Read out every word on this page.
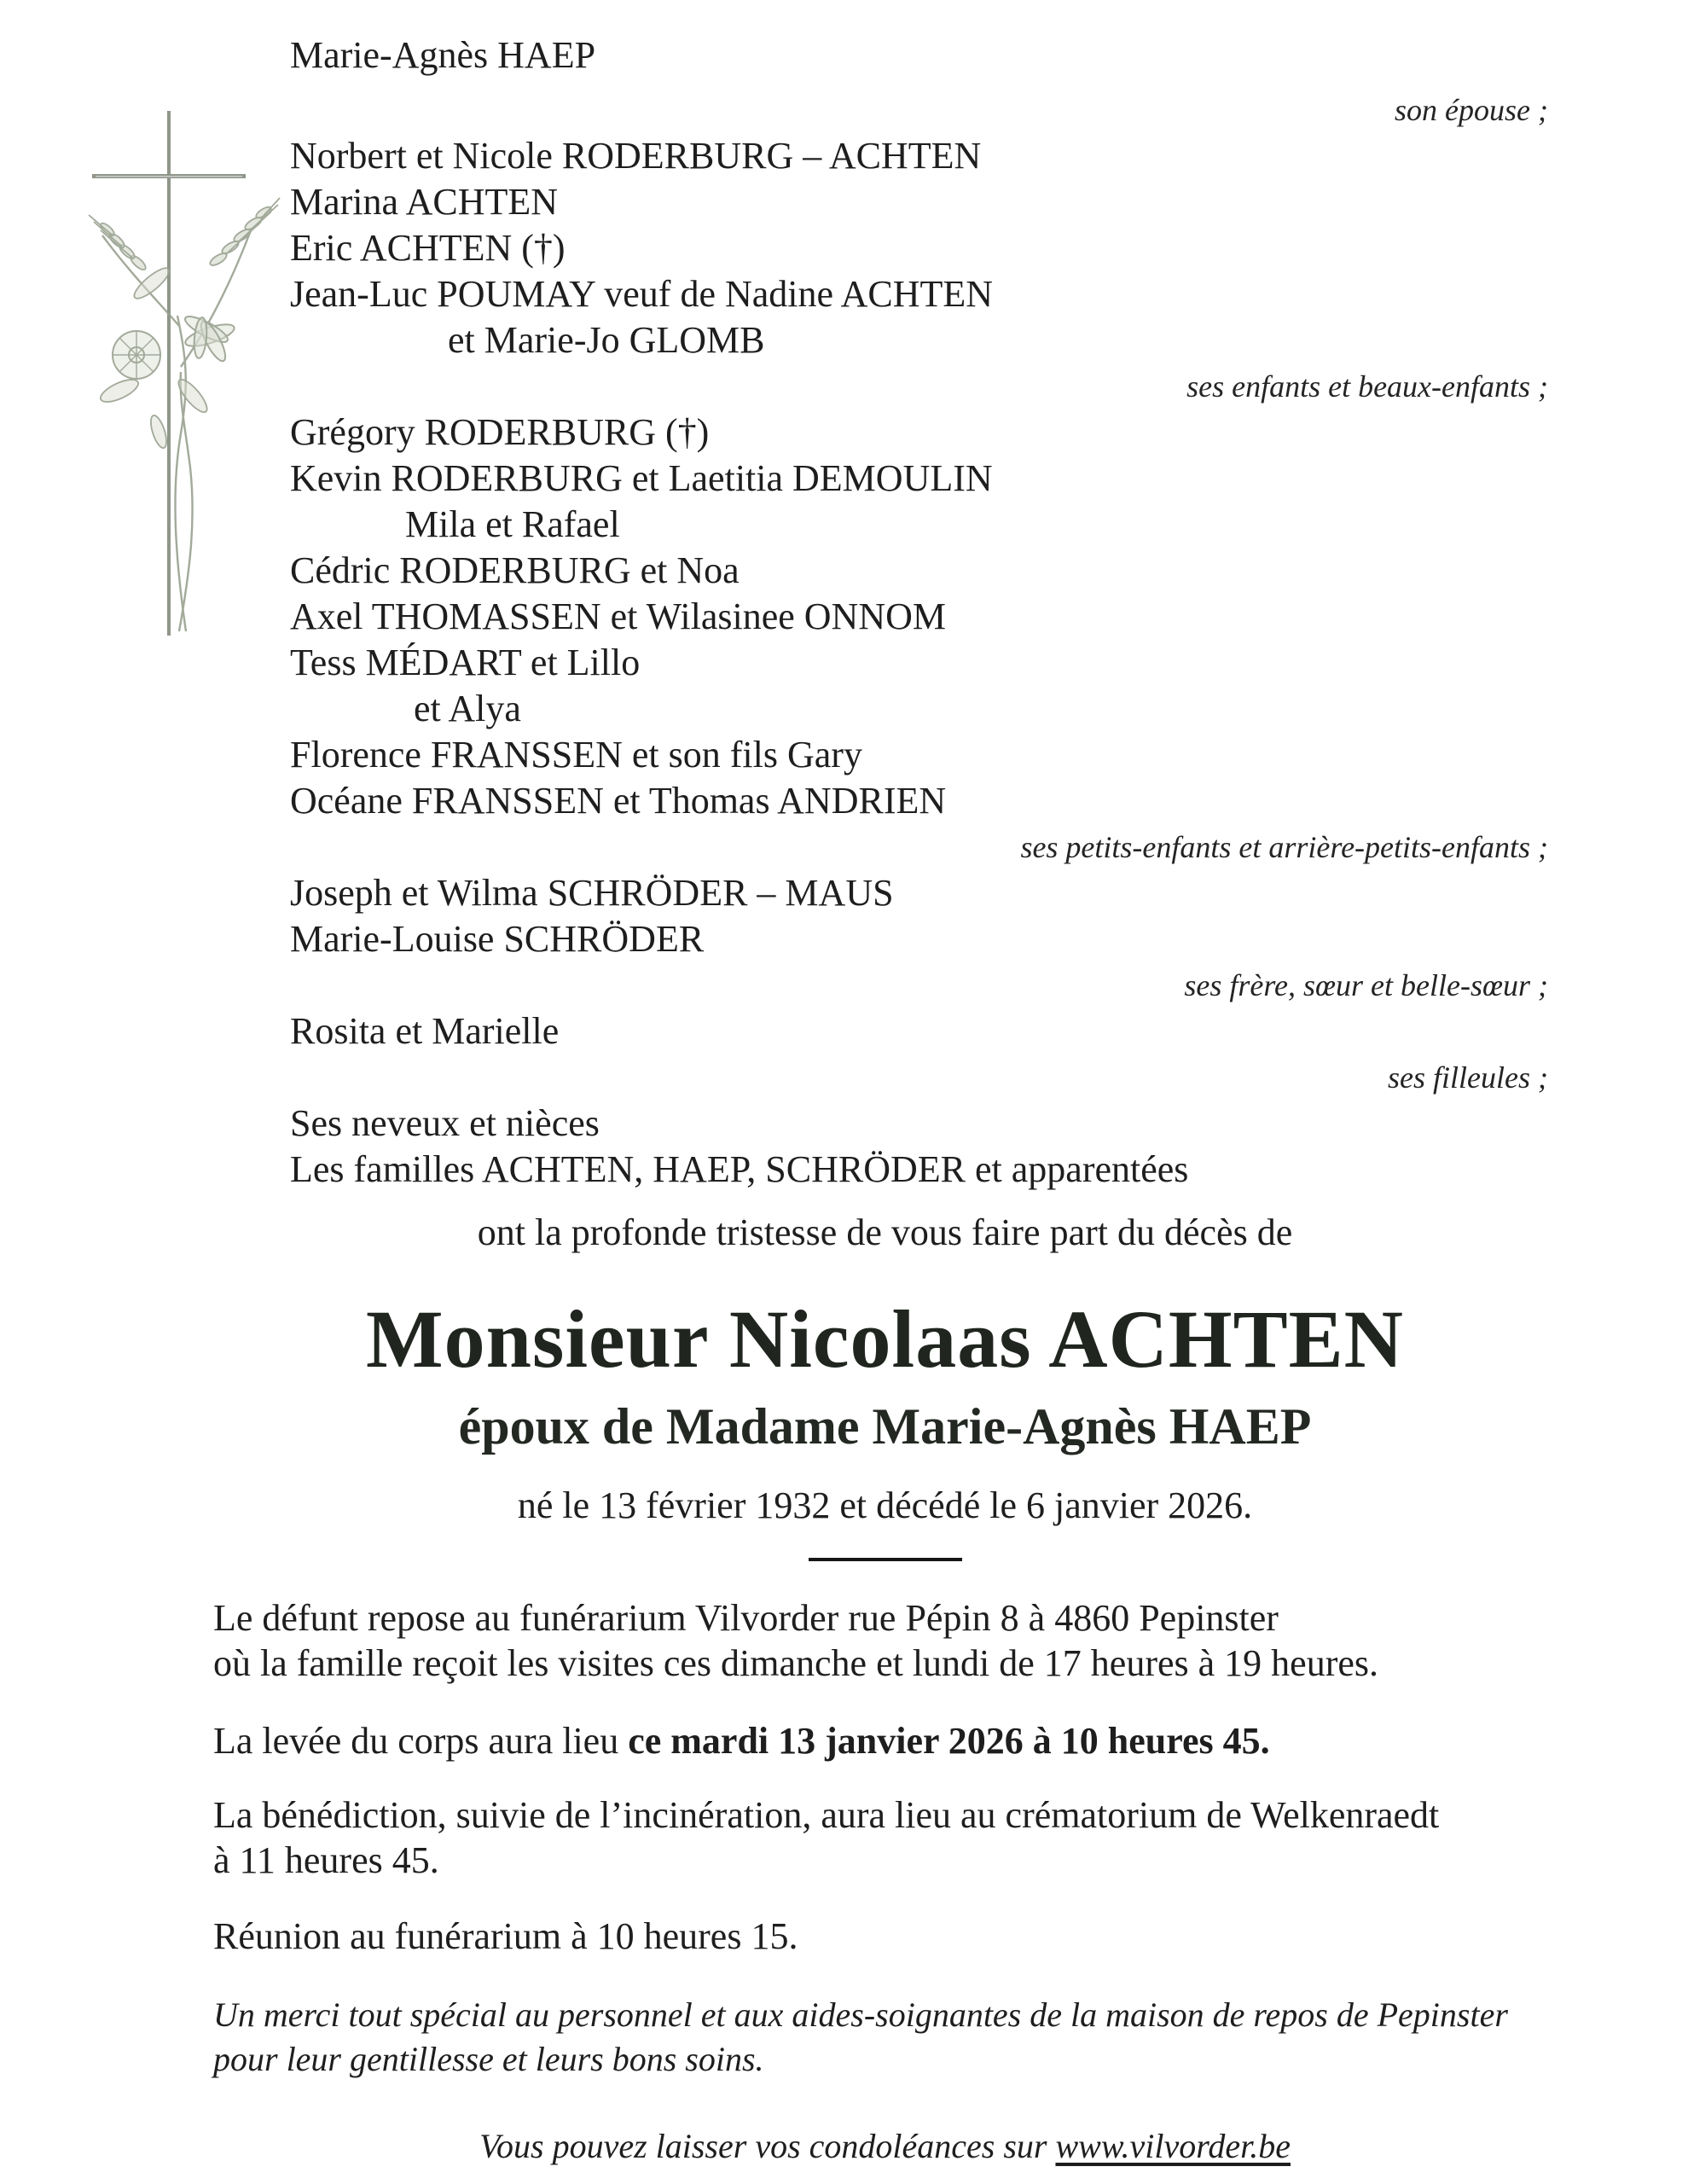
Marie-Agnès HAEP
son épouse ;
Norbert et Nicole RODERBURG – ACHTEN
Marina ACHTEN
Eric ACHTEN (†)
Jean-Luc POUMAY veuf de Nadine ACHTEN
et Marie-Jo GLOMB
ses enfants et beaux-enfants ;
Grégory RODERBURG (†)
Kevin RODERBURG et Laetitia DEMOULIN
Mila et Rafael
Cédric RODERBURG et Noa
Axel THOMASSEN et Wilasinee ONNOM
Tess MÉDART et Lillo
et Alya
Florence FRANSSEN et son fils Gary
Océane FRANSSEN et Thomas ANDRIEN
ses petits-enfants et arrière-petits-enfants ;
Joseph et Wilma SCHRÖDER – MAUS
Marie-Louise SCHRÖDER
ses frère, sœur et belle-sœur ;
Rosita et Marielle
ses filleules ;
Ses neveux et nièces
Les familles ACHTEN, HAEP, SCHRÖDER et apparentées
ont la profonde tristesse de vous faire part du décès de
Monsieur Nicolaas ACHTEN
époux de Madame Marie-Agnès HAEP
né le 13 février 1932 et décédé le 6 janvier 2026.
Le défunt repose au funérarium Vilvorder rue Pépin 8 à 4860 Pepinster
où la famille reçoit les visites ces dimanche et lundi de 17 heures à 19 heures.
La levée du corps aura lieu ce mardi 13 janvier 2026 à 10 heures 45.
La bénédiction, suivie de l’incinération, aura lieu au crématorium de Welkenraedt
à 11 heures 45.
Réunion au funérarium à 10 heures 15.
Un merci tout spécial au personnel et aux aides-soignantes de la maison de repos de Pepinster
pour leur gentillesse et leurs bons soins.
Vous pouvez laisser vos condoléances sur www.vilvorder.be
